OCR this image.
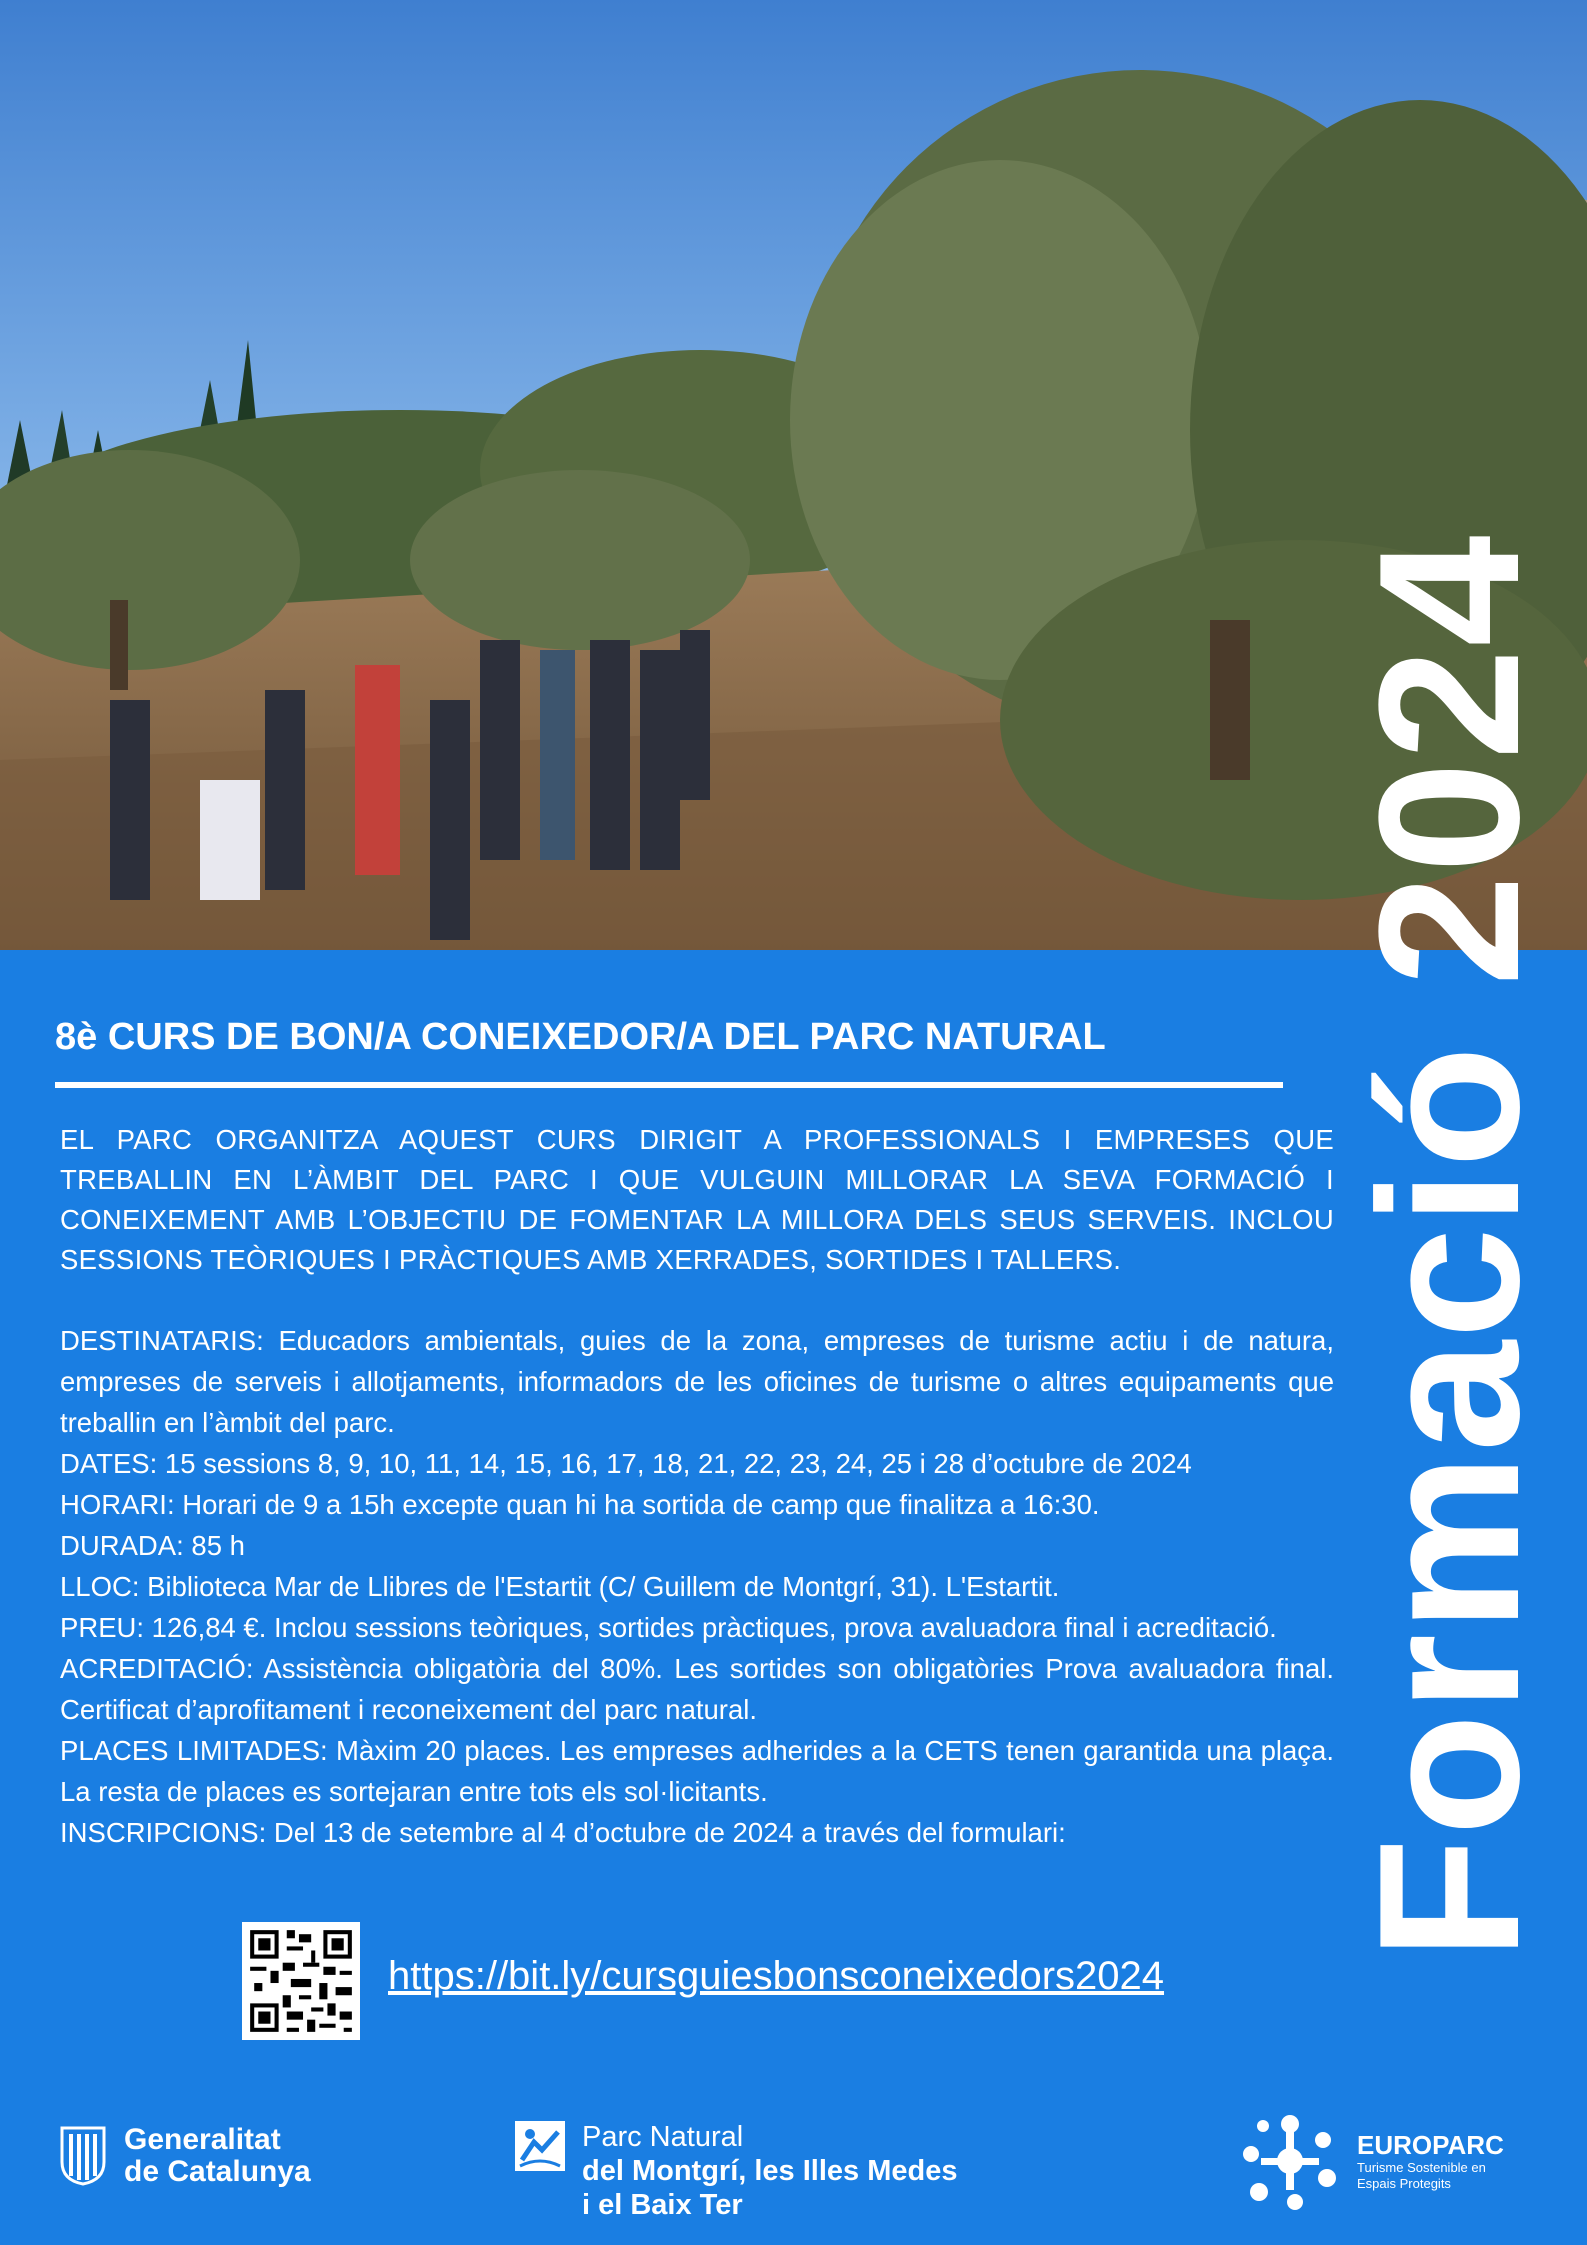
8è CURS DE BON/A CONEIXEDOR/A DEL PARC NATURAL

EL PARC ORGANITZA AQUEST CURS DIRIGIT A PROFESSIONALS I EMPRESES QUE TREBALLIN EN L’ÀMBIT DEL PARC I QUE VULGUIN MILLORAR LA SEVA FORMACIÓ I CONEIXEMENT AMB L’OBJECTIU DE FOMENTAR LA MILLORA DELS SEUS SERVEIS. INCLOU SESSIONS TEÒRIQUES I PRÀCTIQUES AMB XERRADES, SORTIDES I TALLERS.

DESTINATARIS: Educadors ambientals, guies de la zona, empreses de turisme actiu i de natura, empreses de serveis i allotjaments, informadors de les oficines de turisme o altres equipaments que treballin en l’àmbit del parc.

DATES: 15 sessions 8, 9, 10, 11, 14, 15, 16, 17, 18, 21, 22, 23, 24, 25 i 28 d’octubre de 2024

HORARI: Horari de 9 a 15h excepte quan hi ha sortida de camp que finalitza a 16:30.

DURADA: 85 h

LLOC: Biblioteca Mar de Llibres de l'Estartit (C/ Guillem de Montgrí, 31). L'Estartit.

PREU: 126,84 €. Inclou sessions teòriques, sortides pràctiques, prova avaluadora final i acreditació.

ACREDITACIÓ: Assistència obligatòria del 80%. Les sortides son obligatòries Prova avaluadora final. Certificat d’aprofitament i reconeixement del parc natural.

PLACES LIMITADES: Màxim 20 places. Les empreses adherides a la CETS tenen garantida una plaça. La resta de places es sortejaran entre tots els sol·licitants.

INSCRIPCIONS: Del 13 de setembre al 4 d’octubre de 2024 a través del formulari:

https://bit.ly/cursguiesbonsconeixedors2024
Formació 2024
Generalitat
de Catalunya
Parc Natural
del Montgrí, les Illes Medes
i el Baix Ter
EUROPARC
Turisme Sostenible en
Espais Protegits
